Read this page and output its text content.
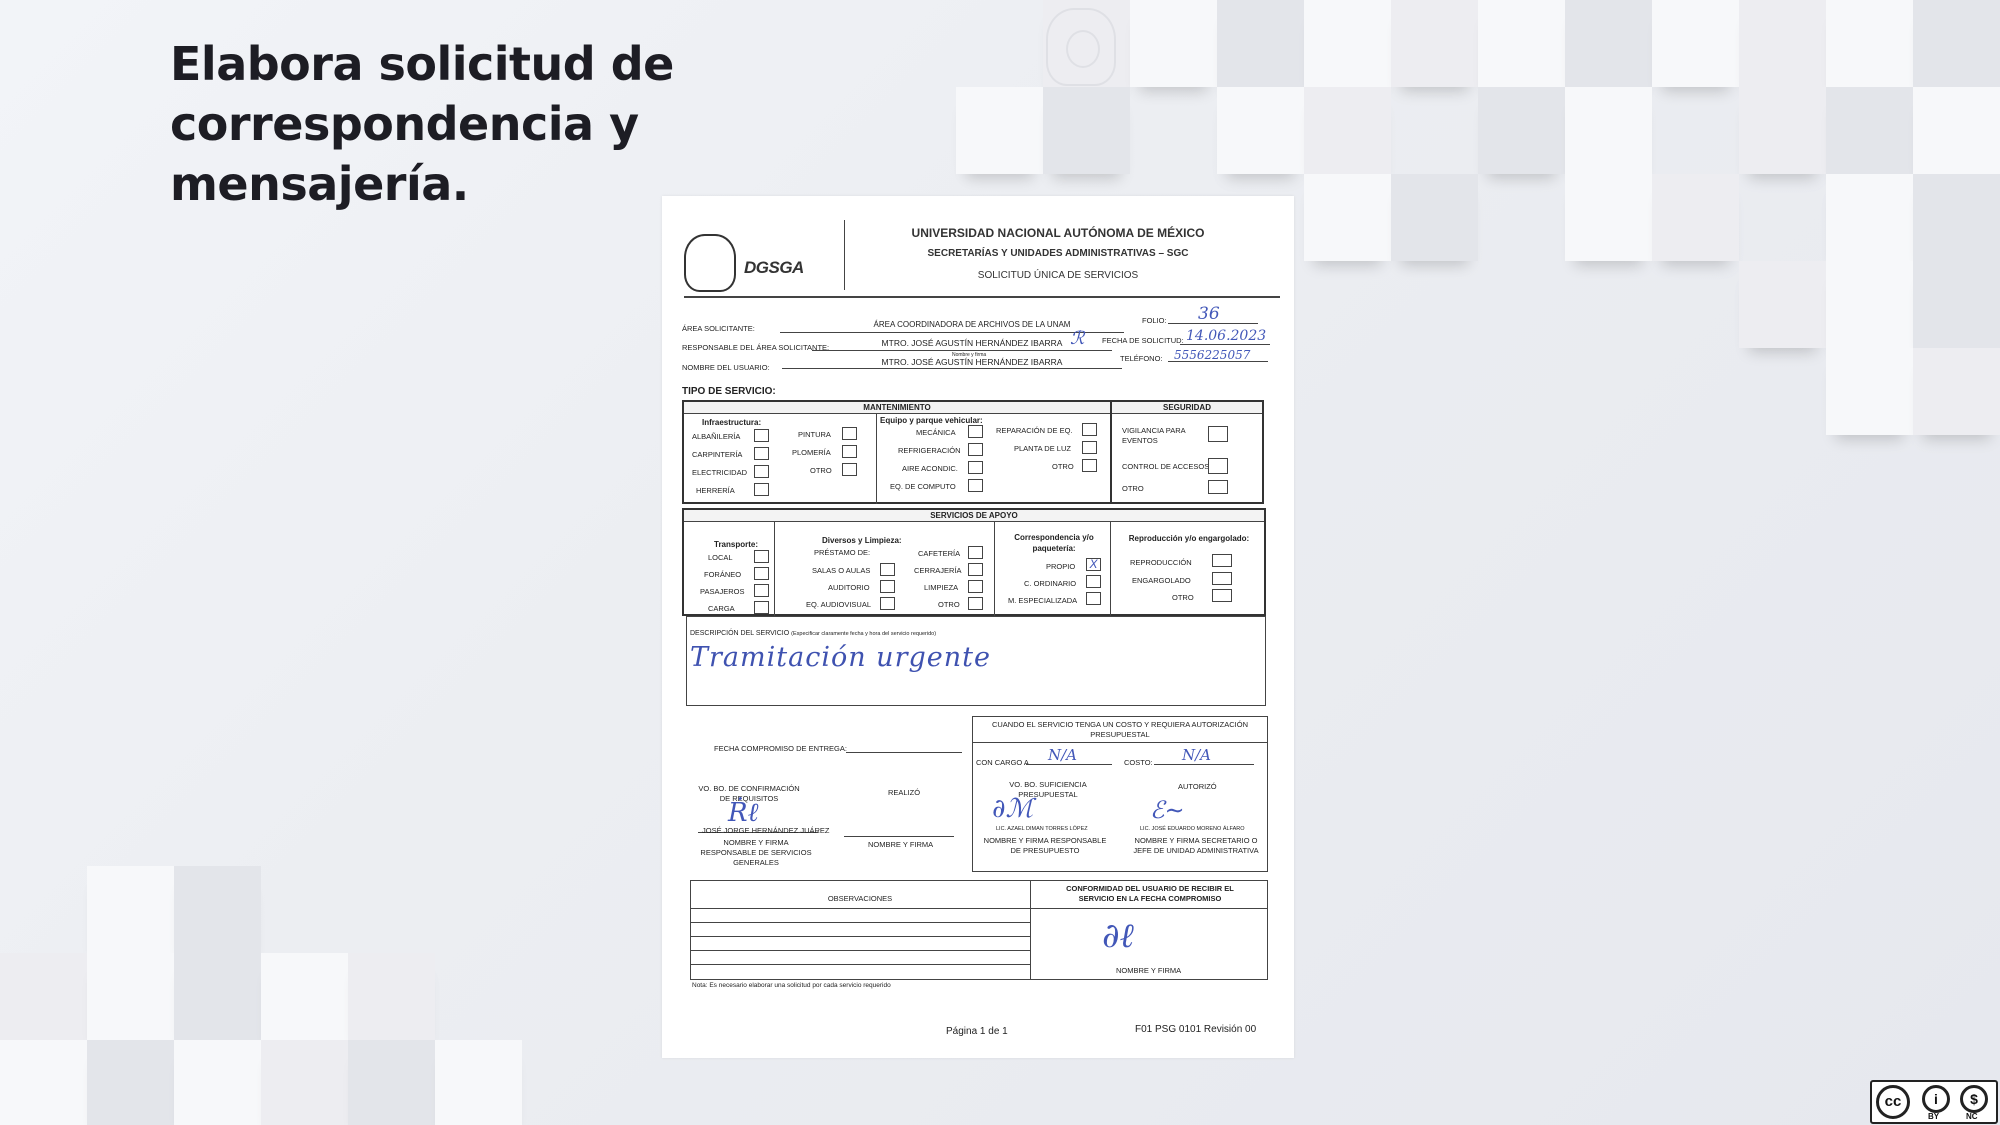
Elabora solicitud de correspondencia y mensajería.
DGSGA
UNIVERSIDAD NACIONAL AUTÓNOMA DE MÉXICO
SECRETARÍAS Y UNIDADES ADMINISTRATIVAS – SGC
SOLICITUD ÚNICA DE SERVICIOS
ÁREA SOLICITANTE:	ÁREA COORDINADORA DE ARCHIVOS DE LA UNAM
RESPONSABLE DEL ÁREA SOLICITANTE:	MTRO. JOSÉ AGUSTÍN HERNÁNDEZ IBARRA ℛ
Nombre y firma
NOMBRE DEL USUARIO:
MTRO. JOSÉ AGUSTÍN HERNÁNDEZ IBARRA
FOLIO: 36
FECHA DE SOLICITUD: 14.06.2023
TELÉFONO: 5556225057
TIPO DE SERVICIO:
MANTENIMIENTO	SEGURIDAD
Infraestructura:
ALBAÑILERÍA
CARPINTERÍA
ELECTRICIDAD
HERRERÍA
PINTURA
PLOMERÍA
OTRO
Equipo y parque vehicular:
MECÁNICA
REFRIGERACIÓN
AIRE ACONDIC.
EQ. DE COMPUTO
REPARACIÓN DE EQ.
PLANTA DE LUZ
OTRO
VIGILANCIA PARA EVENTOS
CONTROL DE ACCESOS
OTRO
SERVICIOS DE APOYO
Transporte:
LOCAL
FORÁNEO
PASAJEROS
CARGA
Diversos y Limpieza:
PRÉSTAMO DE:
SALAS O AULAS
AUDITORIO
EQ. AUDIOVISUAL
CAFETERÍA
CERRAJERÍA
LIMPIEZA
OTRO
Correspondencia y/o paquetería:
PROPIO X
C. ORDINARIO
M. ESPECIALIZADA
Reproducción y/o engargolado:
REPRODUCCIÓN
ENGARGOLADO
OTRO
DESCRIPCIÓN DEL SERVICIO (Especificar claramente fecha y hora del servicio requerido)
Tramitación urgente
FECHA COMPROMISO DE ENTREGA:
VO. BO. DE CONFIRMACIÓN DE REQUISITOS
REALIZÓ
Ṙℓ
JOSÉ JORGE HERNÁNDEZ JUÁREZ
NOMBRE Y FIRMA RESPONSABLE DE SERVICIOS GENERALES
NOMBRE Y FIRMA
CUANDO EL SERVICIO TENGA UN COSTO Y REQUIERA AUTORIZACIÓN PRESUPUESTAL
CON CARGO A N/A	COSTO: N/A
VO. BO. SUFICIENCIA PRESUPUESTAL
AUTORIZÓ
∂ℳ	ℰ∼
LIC. AZAEL DIMAN TORRES LÓPEZ	LIC. JOSÉ EDUARDO MORENO ÁLFARO
NOMBRE Y FIRMA RESPONSABLE DE PRESUPUESTO
NOMBRE Y FIRMA SECRETARIO O JEFE DE UNIDAD ADMINISTRATIVA
OBSERVACIONES
CONFORMIDAD DEL USUARIO DE RECIBIR EL SERVICIO EN LA FECHA COMPROMISO
∂ℓ
NOMBRE Y FIRMA
Nota: Es necesario elaborar una solicitud por cada servicio requerido
Página 1 de 1	F01 PSG 0101 Revisión 00
cc	i	$
BY	NC
